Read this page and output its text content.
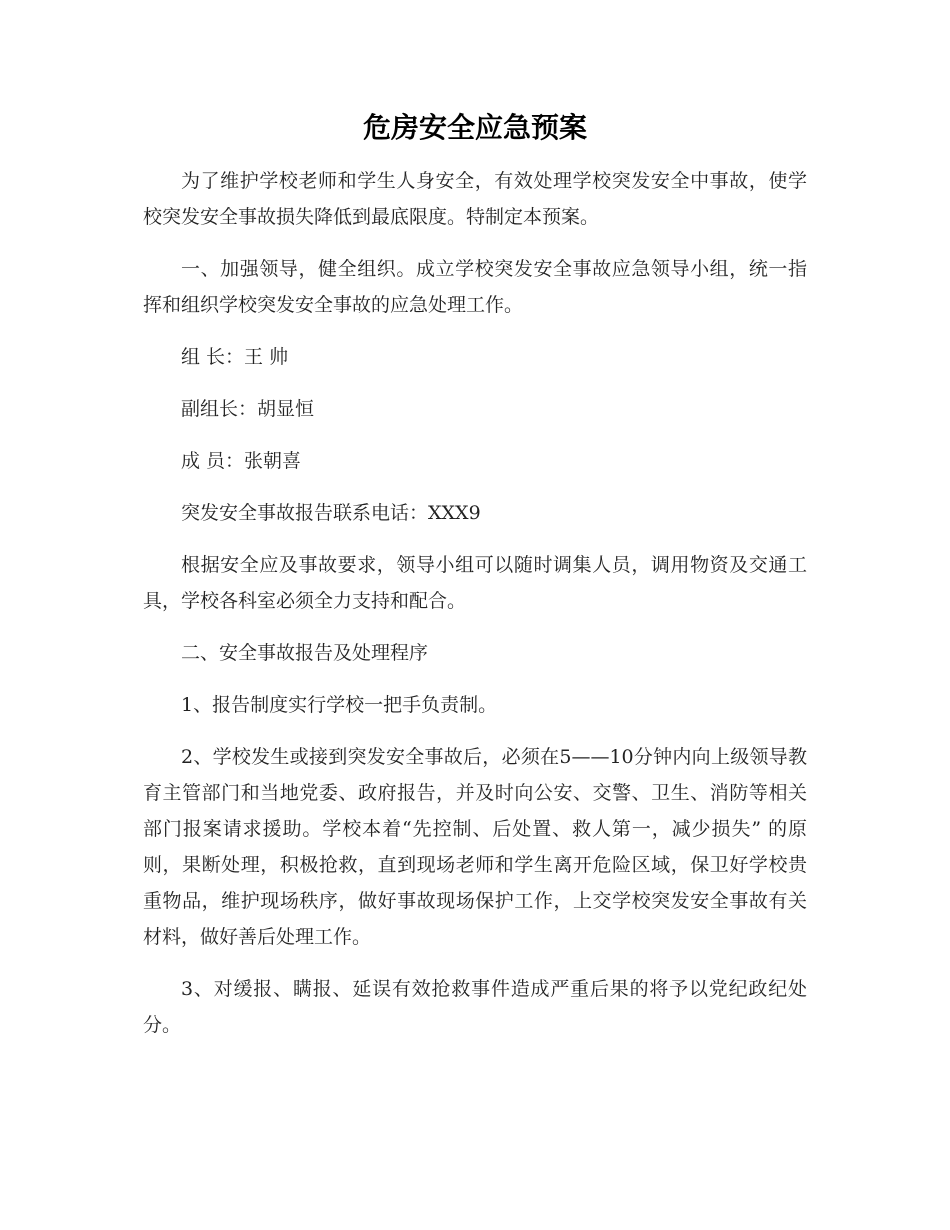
危房安全应急预案

为了维护学校老师和学生人身安全，有效处理学校突发安全中事故，使学校突发安全事故损失降低到最底限度。特制定本预案。

一、加强领导，健全组织。成立学校突发安全事故应急领导小组，统一指挥和组织学校突发安全事故的应急处理工作。

组 长：王 帅

副组长：胡显恒

成 员：张朝喜

突发安全事故报告联系电话：XXX9

根据安全应及事故要求，领导小组可以随时调集人员，调用物资及交通工具，学校各科室必须全力支持和配合。

二、安全事故报告及处理程序

1、报告制度实行学校一把手负责制。

2、学校发生或接到突发安全事故后，必须在5——10分钟内向上级领导教育主管部门和当地党委、政府报告，并及时向公安、交警、卫生、消防等相关部门报案请求援助。学校本着“先控制、后处置、救人第一，减少损失” 的原则，果断处理，积极抢救，直到现场老师和学生离开危险区域，保卫好学校贵重物品，维护现场秩序，做好事故现场保护工作，上交学校突发安全事故有关材料，做好善后处理工作。

3、对缓报、瞒报、延误有效抢救事件造成严重后果的将予以党纪政纪处分。
